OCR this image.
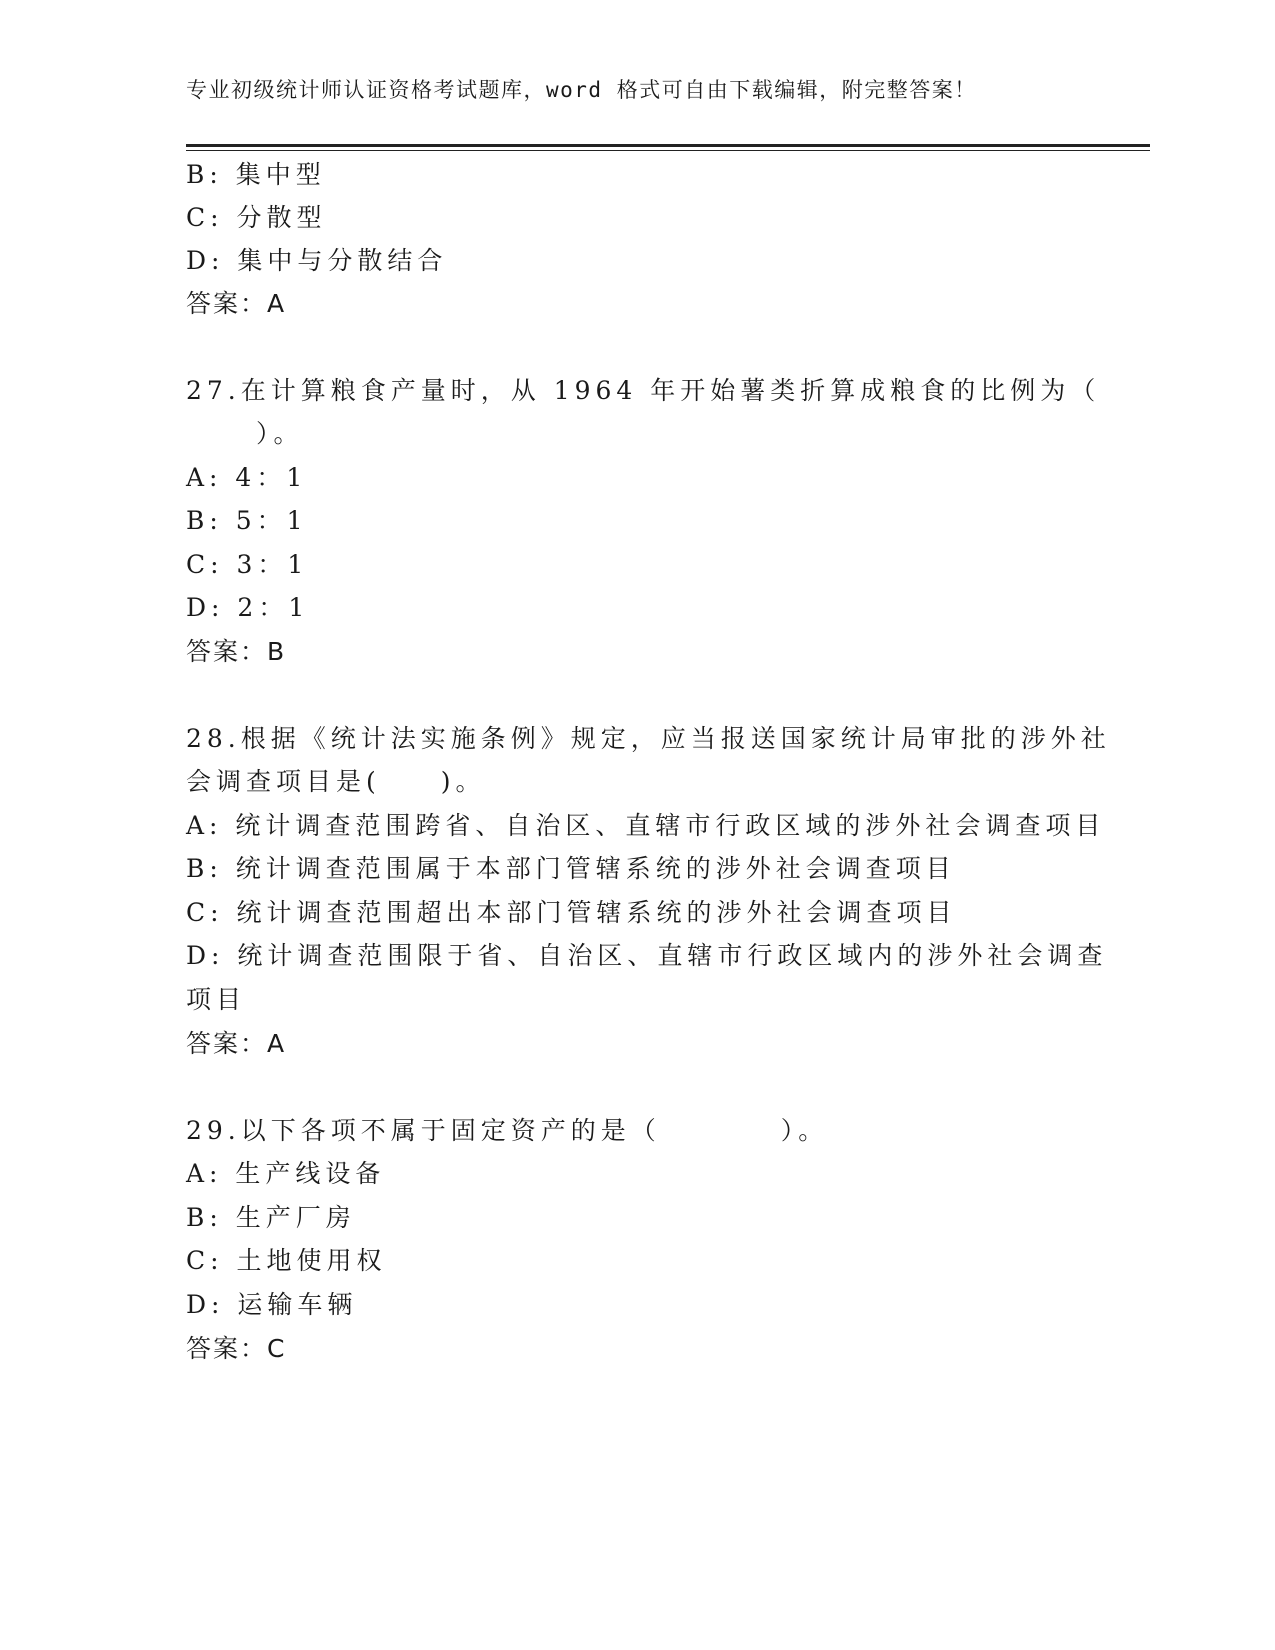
专业初级统计师认证资格考试题库，word 格式可自由下载编辑，附完整答案！
B: 集中型
C: 分散型
D: 集中与分散结合
答案：A
27.在计算粮食产量时，从 1964 年开始薯类折算成粮食的比例为（
）。
A: 4：1
B: 5：1
C: 3：1
D: 2：1
答案：B
28.根据《统计法实施条例》规定，应当报送国家统计局审批的涉外社
会调查项目是(　　)。
A: 统计调查范围跨省、自治区、直辖市行政区域的涉外社会调查项目
B: 统计调查范围属于本部门管辖系统的涉外社会调查项目
C: 统计调查范围超出本部门管辖系统的涉外社会调查项目
D: 统计调查范围限于省、自治区、直辖市行政区域内的涉外社会调查
项目
答案：A
29.以下各项不属于固定资产的是（　　　　）。
A: 生产线设备
B: 生产厂房
C: 土地使用权
D: 运输车辆
答案：C
